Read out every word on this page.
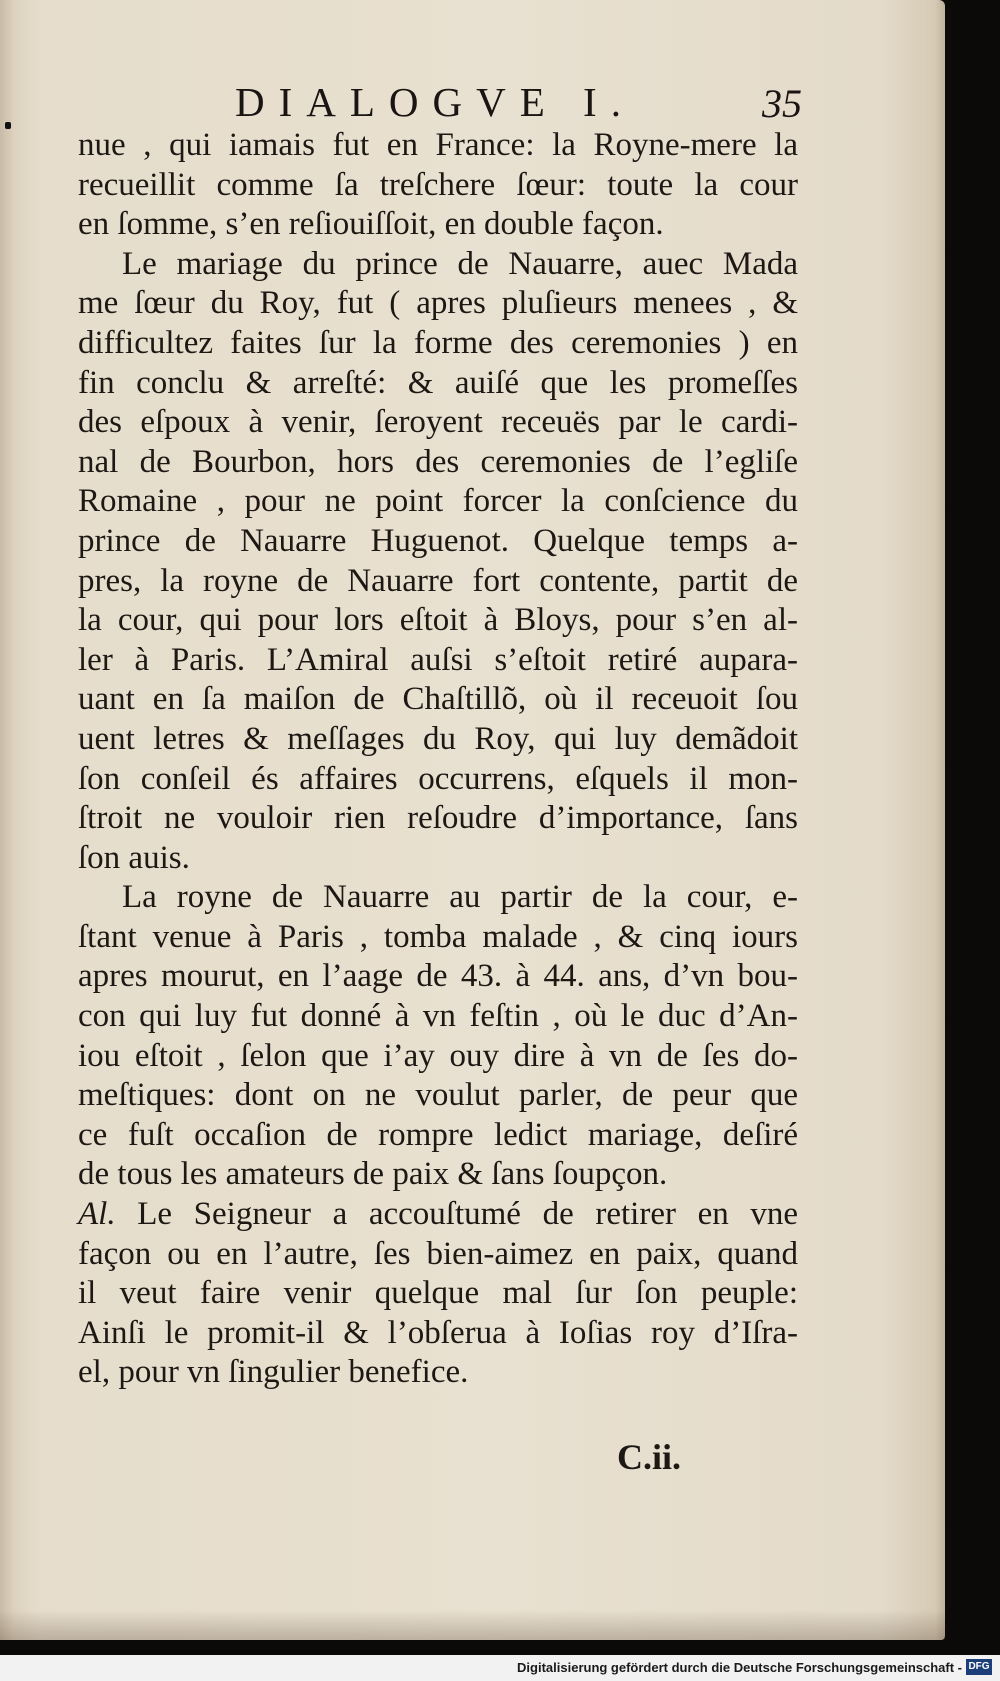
DIALOGVE I.	35
nue , qui iamais fut en France: la Royne-mere la
recueillit comme ſa treſchere ſœur: toute la cour
en ſomme, s’en reſiouiſſoit, en double façon.
Le mariage du prince de Nauarre, auec Mada
me ſœur du Roy, fut ( apres pluſieurs menees , &
difficultez faites ſur la forme des ceremonies ) en
fin conclu & arreſté: & auiſé que les promeſſes
des eſpoux à venir, ſeroyent receuës par le cardi-
nal de Bourbon, hors des ceremonies de l’egliſe
Romaine , pour ne point forcer la conſcience du
prince de Nauarre Huguenot. Quelque temps a-
pres, la royne de Nauarre fort contente, partit de
la cour, qui pour lors eſtoit à Bloys, pour s’en al-
ler à Paris. L’Amiral auſsi s’eſtoit retiré aupara-
uant en ſa maiſon de Chaſtillõ, où il receuoit ſou
uent letres & meſſages du Roy, qui luy demãdoit
ſon conſeil és affaires occurrens, eſquels il mon-
ſtroit ne vouloir rien reſoudre d’importance, ſans
ſon auis.
La royne de Nauarre au partir de la cour, e-
ſtant venue à Paris , tomba malade , & cinq iours
apres mourut, en l’aage de 43. à 44. ans, d’vn bou-
con qui luy fut donné à vn feſtin , où le duc d’An-
iou eſtoit , ſelon que i’ay ouy dire à vn de ſes do-
meſtiques: dont on ne voulut parler, de peur que
ce fuſt occaſion de rompre ledict mariage, deſiré
de tous les amateurs de paix & ſans ſoupçon.
Al. Le Seigneur a accouſtumé de retirer en vne
façon ou en l’autre, ſes bien-aimez en paix, quand
il veut faire venir quelque mal ſur ſon peuple:
Ainſi le promit-il & l’obſerua à Ioſias roy d’Iſra-
el, pour vn ſingulier benefice.
C.ii.
Digitalisierung gefördert durch die Deutsche Forschungsgemeinschaft - DFG
